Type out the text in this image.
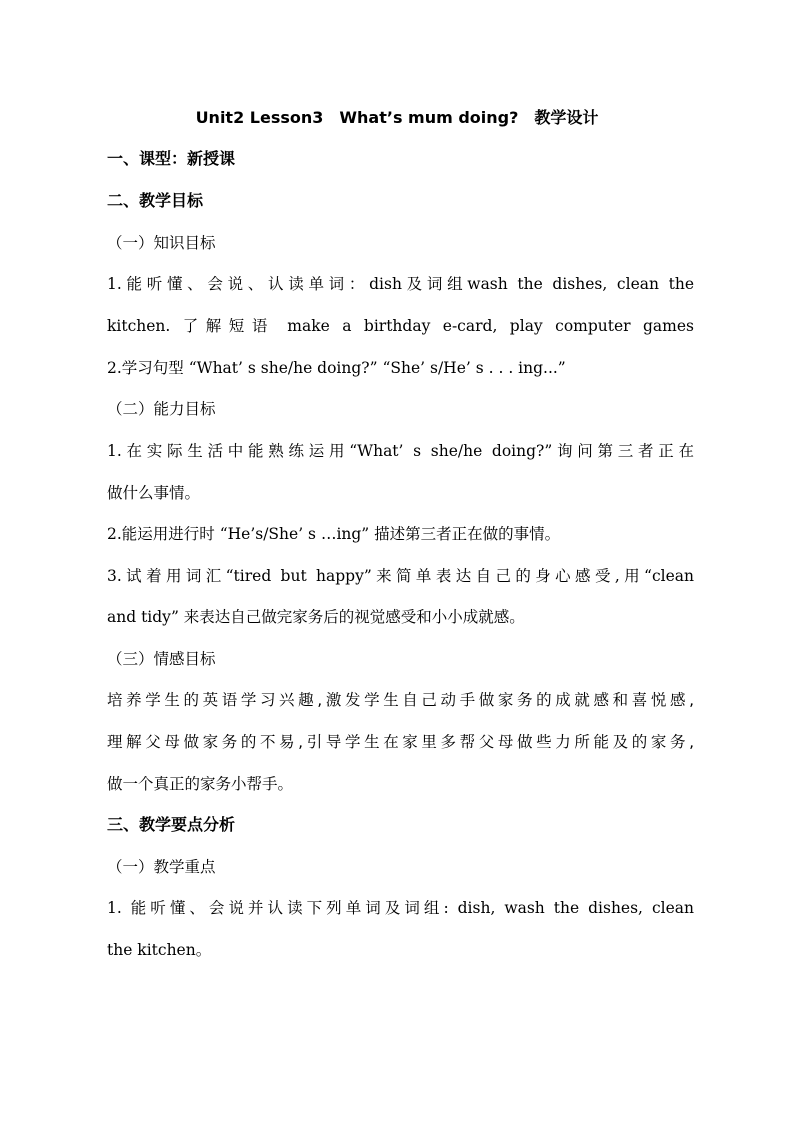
Unit2 Lesson3　What’s mum doing?　教学设计
一、课型：新授课
二、教学目标
（一）知识目标
1.能听懂、会说、认读单词：dish及词组wash the dishes, clean the
kitchen. 了解短语 make a birthday e-card, play computer games
2.学习句型 “What’ s she/he doing?” “She’ s/He’ s . . . ing...”
（二）能力目标
1.在实际生活中能熟练运用“What’ s she/he doing?”询问第三者正在
做什么事情。
2.能运用进行时 “He’s/She’ s …ing” 描述第三者正在做的事情。
3.试着用词汇“tired but happy”来简单表达自己的身心感受,用“clean
and tidy” 来表达自己做完家务后的视觉感受和小小成就感。
（三）情感目标
培养学生的英语学习兴趣,激发学生自己动手做家务的成就感和喜悦感,
理解父母做家务的不易,引导学生在家里多帮父母做些力所能及的家务,
做一个真正的家务小帮手。
三、教学要点分析
（一）教学重点
1. 能听懂、会说并认读下列单词及词组: dish, wash the dishes, clean
the kitchen。
